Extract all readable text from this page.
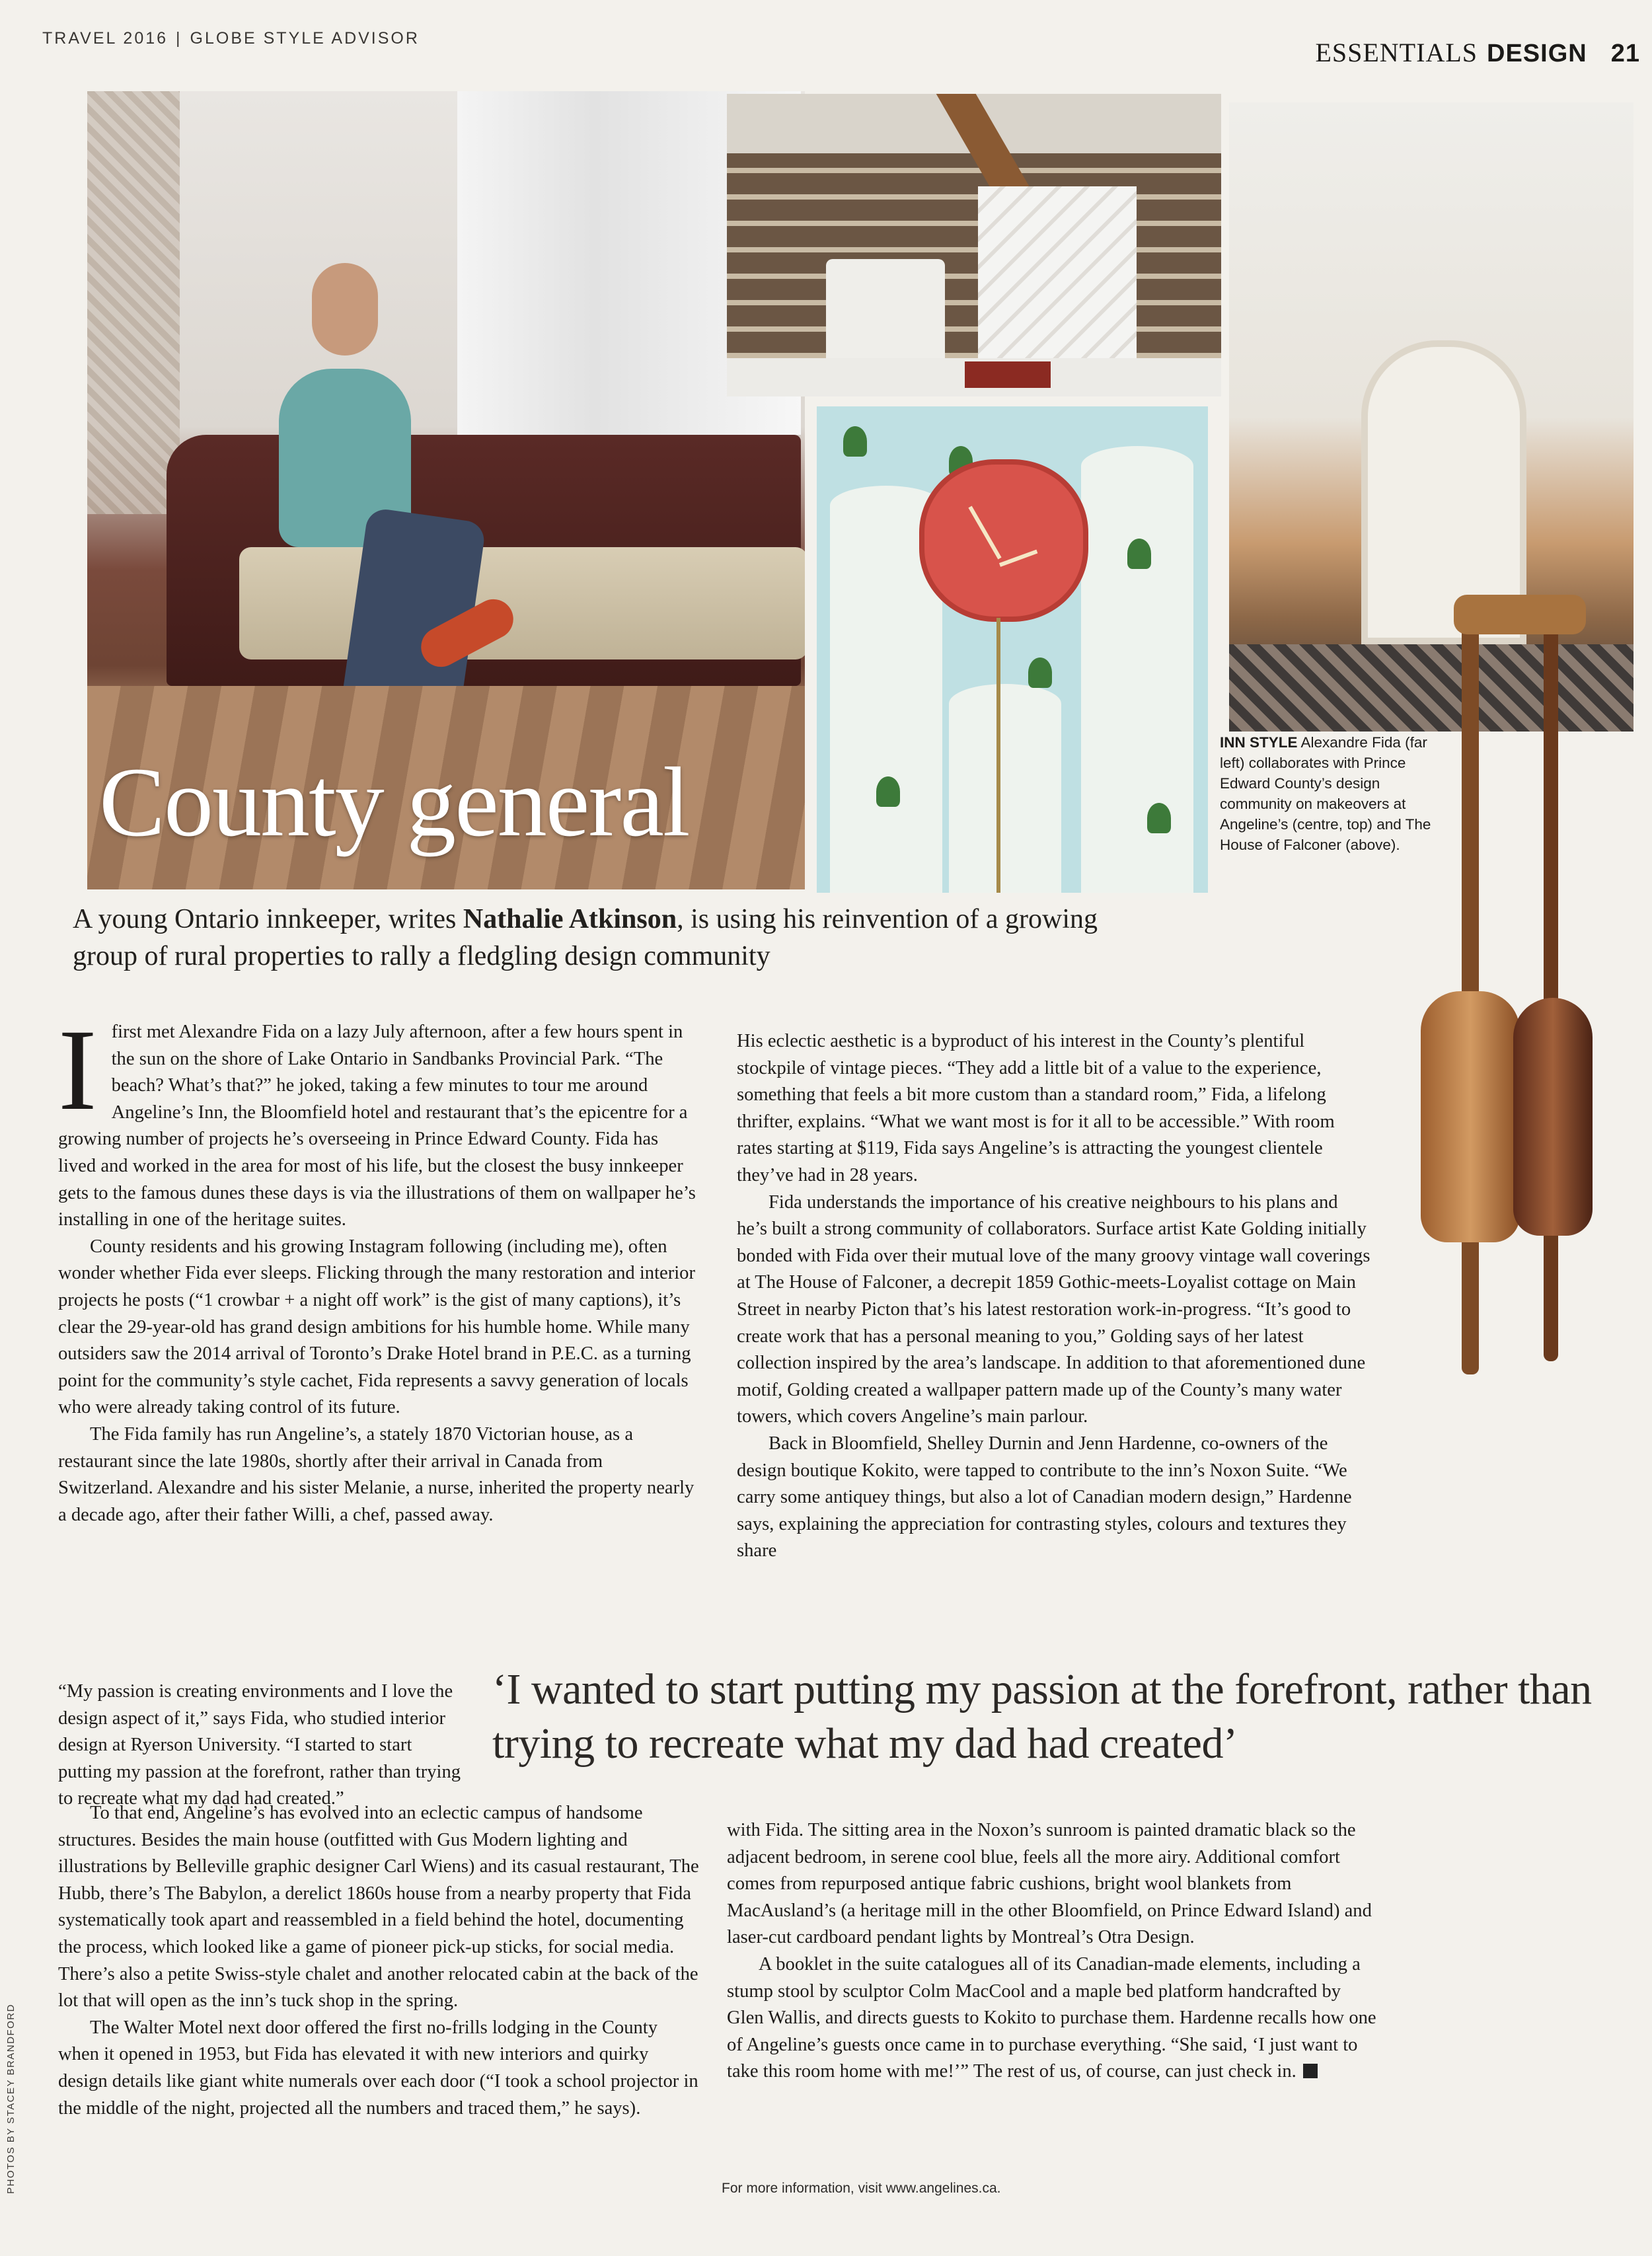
TRAVEL 2016 | GLOBE STYLE ADVISOR	ESSENTIALS DESIGN 21
County general
INN STYLE Alexandre Fida (far left) collaborates with Prince Edward County’s design community on makeovers at Angeline’s (centre, top) and The House of Falconer (above).
A young Ontario innkeeper, writes Nathalie Atkinson, is using his reinvention of a growing group of rural properties to rally a fledgling design community

Ifirst met Alexandre Fida on a lazy July afternoon, after a few hours spent in the sun on the shore of Lake Ontario in Sandbanks Provincial Park. “The beach? What’s that?” he joked, taking a few minutes to tour me around Angeline’s Inn, the Bloomfield hotel and restaurant that’s the epicentre for a growing number of projects he’s overseeing in Prince Edward County. Fida has lived and worked in the area for most of his life, but the closest the busy innkeeper gets to the famous dunes these days is via the illustrations of them on wallpaper he’s installing in one of the heritage suites.

County residents and his growing Instagram following (including me), often wonder whether Fida ever sleeps. Flicking through the many restoration and interior projects he posts (“1 crowbar + a night off work” is the gist of many captions), it’s clear the 29-year-old has grand design ambitions for his humble home. While many outsiders saw the 2014 arrival of Toronto’s Drake Hotel brand in P.E.C. as a turning point for the community’s style cachet, Fida represents a savvy generation of locals who were already taking control of its future.

The Fida family has run Angeline’s, a stately 1870 Victorian house, as a restaurant since the late 1980s, shortly after their arrival in Canada from Switzerland. Alexandre and his sister Melanie, a nurse, inherited the property nearly a decade ago, after their father Willi, a chef, passed away.

“My passion is creating environments and I love the design aspect of it,” says Fida, who studied interior design at Ryerson University. “I started to start putting my passion at the forefront, rather than trying to recreate what my dad had created.”

His eclectic aesthetic is a byproduct of his interest in the County’s plentiful stockpile of vintage pieces. “They add a little bit of a value to the experience, something that feels a bit more custom than a standard room,” Fida, a lifelong thrifter, explains. “What we want most is for it all to be accessible.” With room rates starting at $119, Fida says Angeline’s is attracting the youngest clientele they’ve had in 28 years.

Fida understands the importance of his creative neighbours to his plans and he’s built a strong community of collaborators. Surface artist Kate Golding initially bonded with Fida over their mutual love of the many groovy vintage wall coverings at The House of Falconer, a decrepit 1859 Gothic-meets-Loyalist cottage on Main Street in nearby Picton that’s his latest restoration work-in-progress. “It’s good to create work that has a personal meaning to you,” Golding says of her latest collection inspired by the area’s landscape. In addition to that aforementioned dune motif, Golding created a wallpaper pattern made up of the County’s many water towers, which covers Angeline’s main parlour.

Back in Bloomfield, Shelley Durnin and Jenn Hardenne, co-owners of the design boutique Kokito, were tapped to contribute to the inn’s Noxon Suite. “We carry some antiquey things, but also a lot of Canadian modern design,” Hardenne says, explaining the appreciation for contrasting styles, colours and textures they share

‘I wanted to start putting my passion at the forefront, rather than trying to recreate what my dad had created’

To that end, Angeline’s has evolved into an eclectic campus of handsome structures. Besides the main house (outfitted with Gus Modern lighting and illustrations by Belleville graphic designer Carl Wiens) and its casual restaurant, The Hubb, there’s The Babylon, a derelict 1860s house from a nearby property that Fida systematically took apart and reassembled in a field behind the hotel, documenting the process, which looked like a game of pioneer pick-up sticks, for social media. There’s also a petite Swiss-style chalet and another relocated cabin at the back of the lot that will open as the inn’s tuck shop in the spring.

The Walter Motel next door offered the first no-frills lodging in the County when it opened in 1953, but Fida has elevated it with new interiors and quirky design details like giant white numerals over each door (“I took a school projector in the middle of the night, projected all the numbers and traced them,” he says).

with Fida. The sitting area in the Noxon’s sunroom is painted dramatic black so the adjacent bedroom, in serene cool blue, feels all the more airy. Additional comfort comes from repurposed antique fabric cushions, bright wool blankets from MacAusland’s (a heritage mill in the other Bloomfield, on Prince Edward Island) and laser-cut cardboard pendant lights by Montreal’s Otra Design.

A booklet in the suite catalogues all of its Canadian-made elements, including a stump stool by sculptor Colm MacCool and a maple bed platform handcrafted by Glen Wallis, and directs guests to Kokito to purchase them. Hardenne recalls how one of Angeline’s guests once came in to purchase everything. “She said, ‘I just want to take this room home with me!’” The rest of us, of course, can just check in.

For more information, visit www.angelines.ca.
PHOTOS BY STACEY BRANDFORD
